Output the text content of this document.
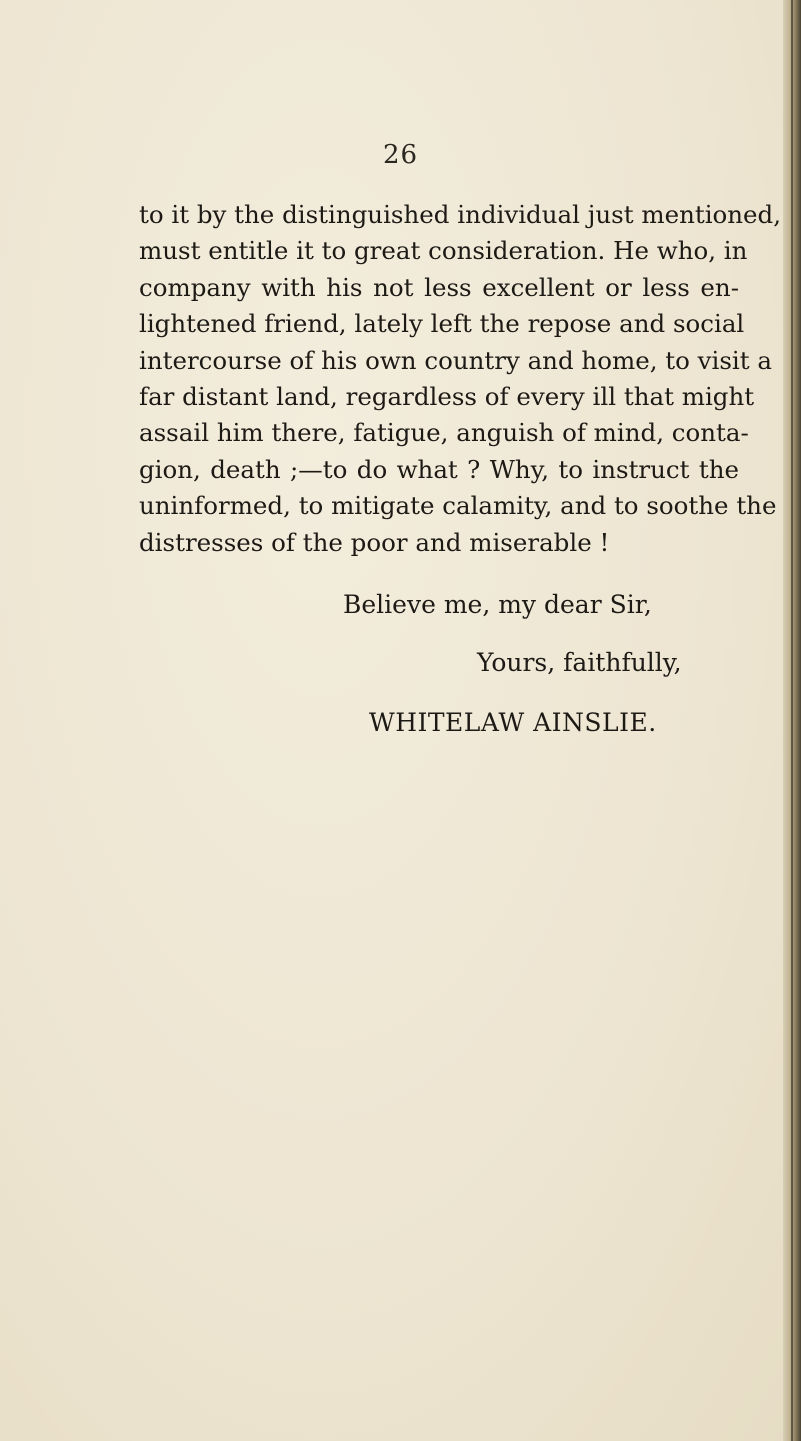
26
to it by the distinguished individual just mentioned,
must entitle it to great consideration. He who, in
company with his not less excellent or less en-
lightened friend, lately left the repose and social
intercourse of his own country and home, to visit a
far distant land, regardless of every ill that might
assail him there, fatigue, anguish of mind, conta-
gion, death ;—to do what ? Why, to instruct the
uninformed, to mitigate calamity, and to soothe the
distresses of the poor and miserable !
Believe me, my dear Sir,
Yours, faithfully,
WHITELAW AINSLIE.
